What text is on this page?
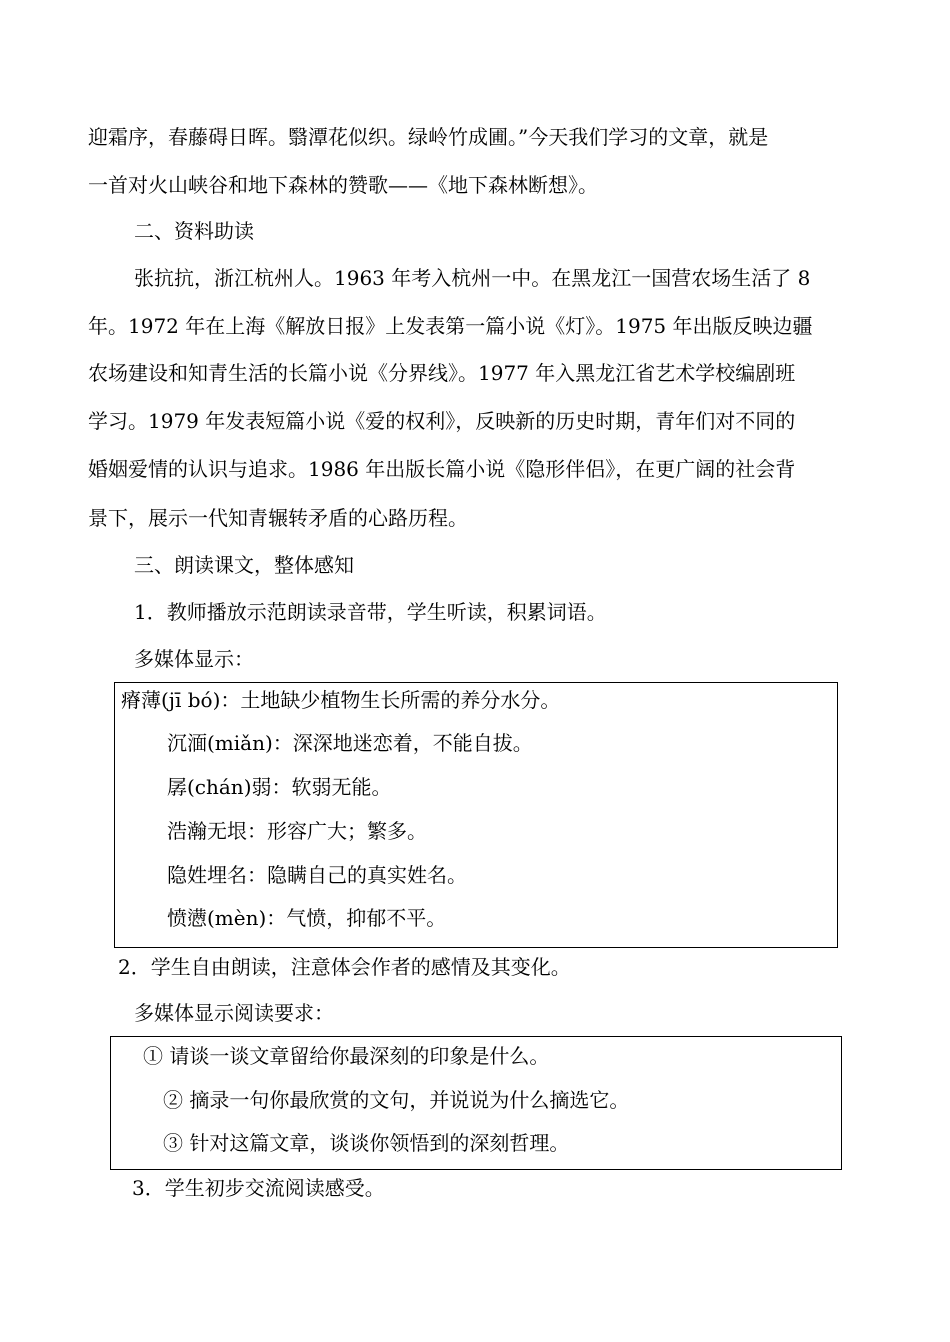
迎霜序，春藤碍日晖。翳潭花似织。绿岭竹成圃。”今天我们学习的文章，就是
一首对火山峡谷和地下森林的赞歌——《地下森林断想》。
二、资料助读
张抗抗，浙江杭州人。1963 年考入杭州一中。在黑龙江一国营农场生活了 8
年。1972 年在上海《解放日报》上发表第一篇小说《灯》。1975 年出版反映边疆
农场建设和知青生活的长篇小说《分界线》。1977 年入黑龙江省艺术学校编剧班
学习。1979 年发表短篇小说《爱的权利》，反映新的历史时期，青年们对不同的
婚姻爱情的认识与追求。1986 年出版长篇小说《隐形伴侣》，在更广阔的社会背
景下，展示一代知青辗转矛盾的心路历程。
三、朗读课文，整体感知
1．教师播放示范朗读录音带，学生听读，积累词语。
多媒体显示：
瘠薄(jī bó)：土地缺少植物生长所需的养分水分。
沉湎(miǎn)：深深地迷恋着，不能自拔。
孱(chán)弱：软弱无能。
浩瀚无垠：形容广大；繁多。
隐姓埋名：隐瞒自己的真实姓名。
愤懑(mèn)：气愤，抑郁不平。
2．学生自由朗读，注意体会作者的感情及其变化。
多媒体显示阅读要求：
① 请谈一谈文章留给你最深刻的印象是什么。
② 摘录一句你最欣赏的文句，并说说为什么摘选它。
③ 针对这篇文章，谈谈你领悟到的深刻哲理。
3．学生初步交流阅读感受。
